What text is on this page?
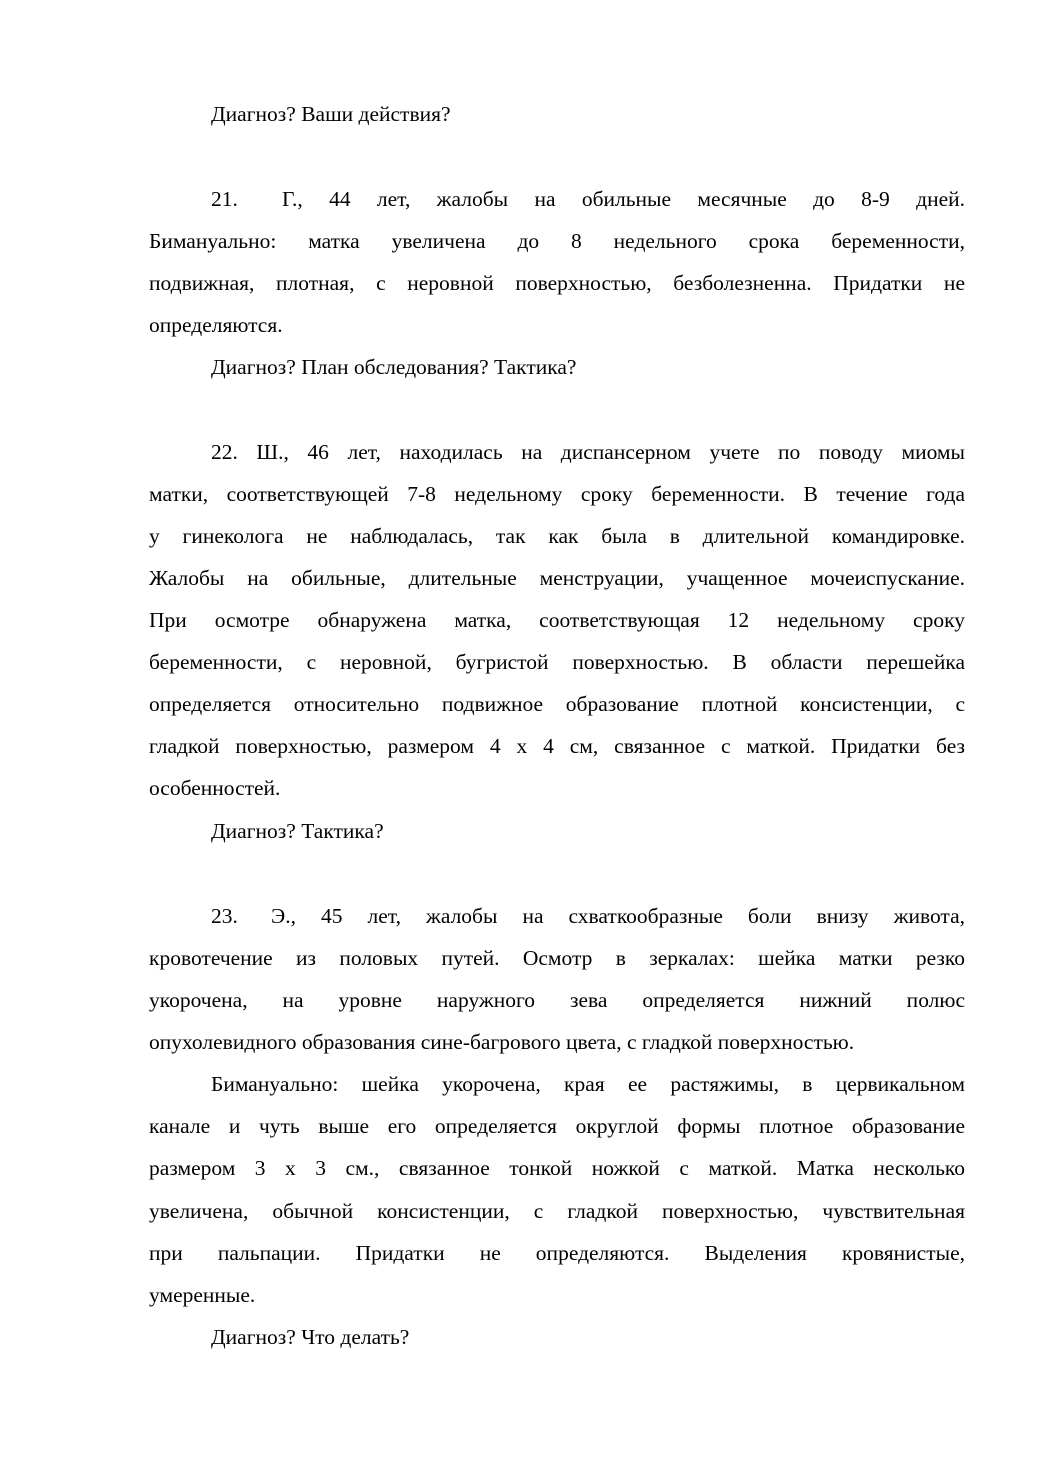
Диагноз? Ваши действия?
21. Г., 44 лет, жалобы на обильные месячные до 8-9 дней.
Бимануально: матка увеличена до 8 недельного срока беременности,
подвижная, плотная, с неровной поверхностью, безболезненна. Придатки не
определяются.
Диагноз? План обследования? Тактика?
22. Ш., 46 лет, находилась на диспансерном учете по поводу миомы
матки, соответствующей 7-8 недельному сроку беременности. В течение года
у гинеколога не наблюдалась, так как была в длительной командировке.
Жалобы на обильные, длительные менструации, учащенное мочеиспускание.
При осмотре обнаружена матка, соответствующая 12 недельному сроку
беременности, с неровной, бугристой поверхностью. В области перешейка
определяется относительно подвижное образование плотной консистенции, с
гладкой поверхностью, размером 4 х 4 см, связанное с маткой. Придатки без
особенностей.
Диагноз? Тактика?
23. Э., 45 лет, жалобы на схваткообразные боли внизу живота,
кровотечение из половых путей. Осмотр в зеркалах: шейка матки резко
укорочена, на уровне наружного зева определяется нижний полюс
опухолевидного образования сине-багрового цвета, с гладкой поверхностью.
Бимануально: шейка укорочена, края ее растяжимы, в цервикальном
канале и чуть выше его определяется округлой формы плотное образование
размером 3 х 3 см., связанное тонкой ножкой с маткой. Матка несколько
увеличена, обычной консистенции, с гладкой поверхностью, чувствительная
при пальпации. Придатки не определяются. Выделения кровянистые,
умеренные.
Диагноз? Что делать?
